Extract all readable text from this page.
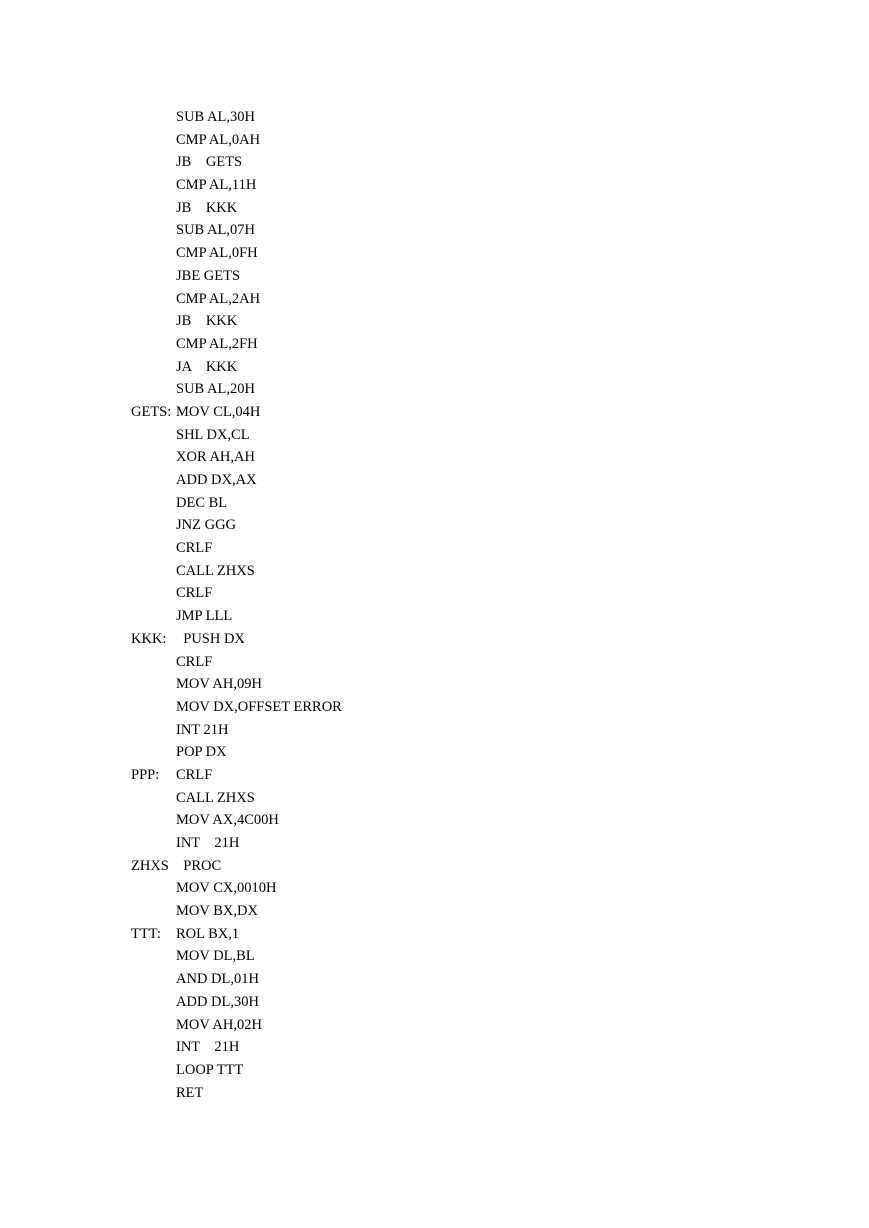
SUB AL,30H
CMP AL,0AH
JB    GETS
CMP AL,11H
JB    KKK
SUB AL,07H
CMP AL,0FH
JBE GETS
CMP AL,2AH
JB    KKK
CMP AL,2FH
JA    KKK
SUB AL,20H
GETS: MOV CL,04H
SHL DX,CL
XOR AH,AH
ADD DX,AX
DEC BL
JNZ GGG
CRLF
CALL ZHXS
CRLF
JMP LLL
KKK: PUSH DX
CRLF
MOV AH,09H
MOV DX,OFFSET ERROR
INT 21H
POP DX
PPP:	CRLF
CALL ZHXS
MOV AX,4C00H
INT    21H
ZHXS PROC
MOV CX,0010H
MOV BX,DX
TTT:	ROL BX,1
MOV DL,BL
AND DL,01H
ADD DL,30H
MOV AH,02H
INT    21H
LOOP TTT
RET
